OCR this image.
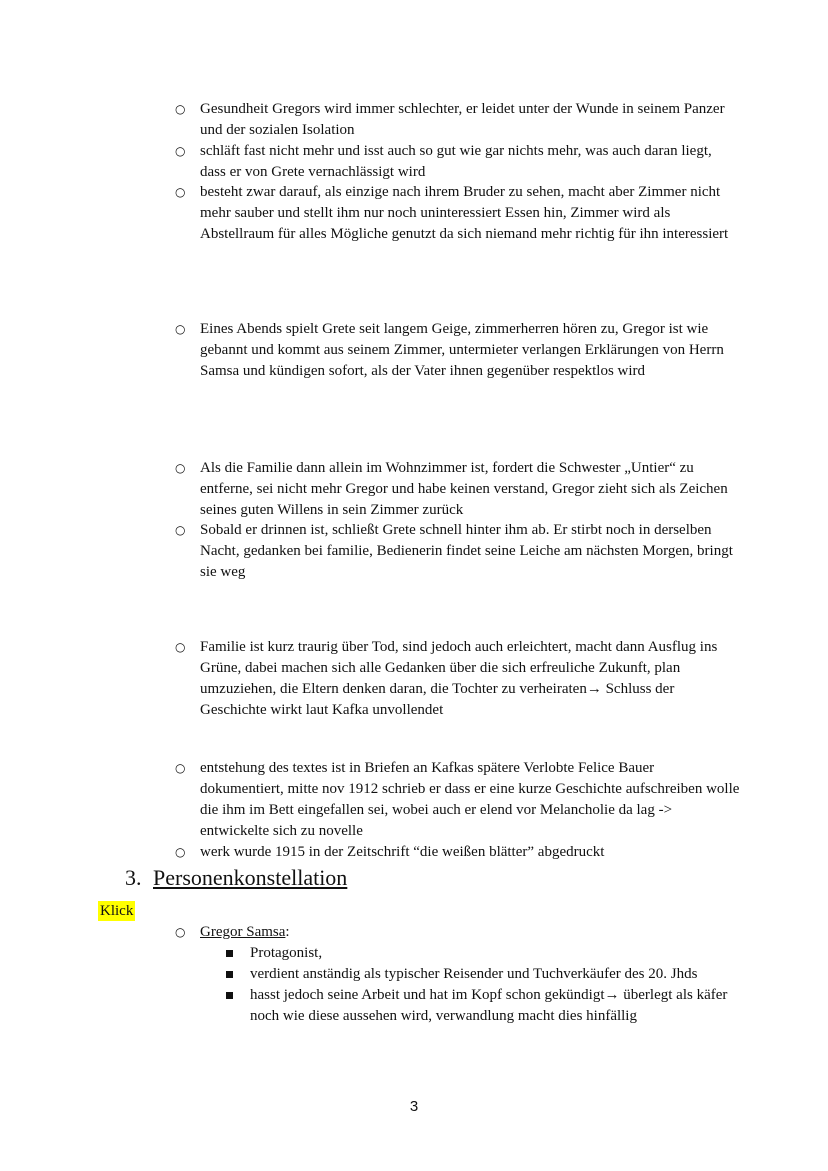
○ Gesundheit Gregors wird immer schlechter, er leidet unter der Wunde in seinem Panzer und der sozialen Isolation
○ schläft fast nicht mehr und isst auch so gut wie gar nichts mehr, was auch daran liegt, dass er von Grete vernachlässigt wird
○ besteht zwar darauf, als einzige nach ihrem Bruder zu sehen, macht aber Zimmer nicht mehr sauber und stellt ihm nur noch uninteressiert Essen hin, Zimmer wird als Abstellraum für alles Mögliche genutzt da sich niemand mehr richtig für ihn interessiert
○ Eines Abends spielt Grete seit langem Geige, zimmerherren hören zu, Gregor ist wie gebannt und kommt aus seinem Zimmer, untermieter verlangen Erklärungen von Herrn Samsa und kündigen sofort, als der Vater ihnen gegenüber respektlos wird
○ Als die Familie dann allein im Wohnzimmer ist, fordert die Schwester „Untier“ zu entferne, sei nicht mehr Gregor und habe keinen verstand, Gregor zieht sich als Zeichen seines guten Willens in sein Zimmer zurück
○ Sobald er drinnen ist, schließt Grete schnell hinter ihm ab. Er stirbt noch in derselben Nacht, gedanken bei familie, Bedienerin findet seine Leiche am nächsten Morgen, bringt sie weg
○ Familie ist kurz traurig über Tod, sind jedoch auch erleichtert, macht dann Ausflug ins Grüne, dabei machen sich alle Gedanken über die sich erfreuliche Zukunft, plan umzuziehen, die Eltern denken daran, die Tochter zu verheiraten→ Schluss der Geschichte wirkt laut Kafka unvollendet
○ entstehung des textes ist in Briefen an Kafkas spätere Verlobte Felice Bauer dokumentiert, mitte nov 1912 schrieb er dass er eine kurze Geschichte aufschreiben wolle die ihm im Bett eingefallen sei, wobei auch er elend vor Melancholie da lag -> entwickelte sich zu novelle
○ werk wurde 1915 in der Zeitschrift “die weißen blätter” abgedruckt
3. Personenkonstellation
Klick
○ Gregor Samsa:
Protagonist,
verdient anständig als typischer Reisender und Tuchverkäufer des 20. Jhds
hasst jedoch seine Arbeit und hat im Kopf schon gekündigt→ überlegt als käfer noch wie diese aussehen wird, verwandlung macht dies hinfällig
3
